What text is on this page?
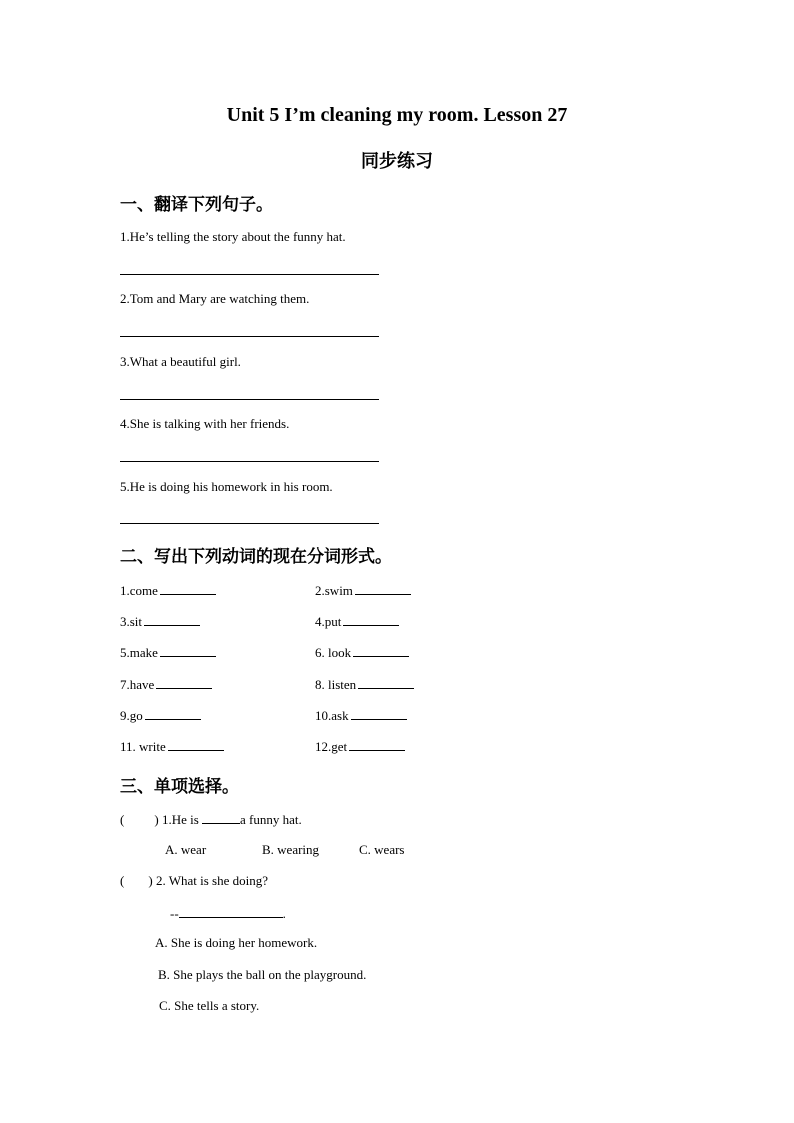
Unit 5 I’m cleaning my room. Lesson 27
同步练习
一、翻译下列句子。
1.He’s telling the story about the funny hat.
2.Tom and Mary are watching them.
3.What a beautiful girl.
4.She is talking with her friends.
5.He is doing his homework in his room.
二、写出下列动词的现在分词形式。
1.come	2.swim
3.sit	4.put
5.make	6. look
7.have	8. listen
9.go	10.ask
11. write	12.get
三、单项选择。
( ) 1.He is	a funny hat.
A. wear	B. wearing	C. wears
( ) 2. What is she doing?
--	.
A. She is doing her homework.
B. She plays the ball on the playground.
C. She tells a story.
